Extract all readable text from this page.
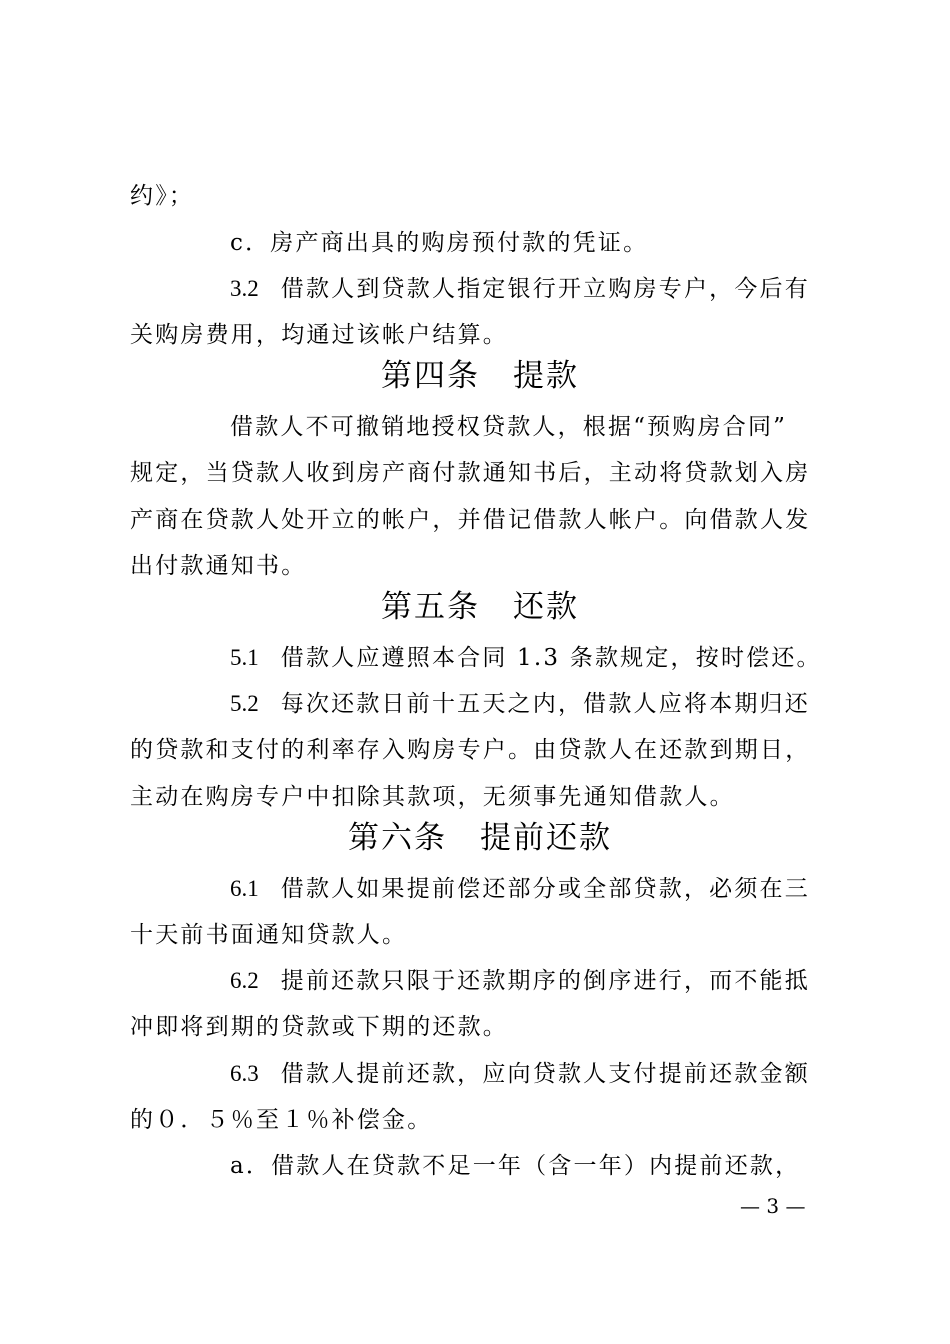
约》；
c．房产商出具的购房预付款的凭证。
3.2 借款人到贷款人指定银行开立购房专户，今后有
关购房费用，均通过该帐户结算。
第四条　提款
借款人不可撤销地授权贷款人，根据“预购房合同”
规定，当贷款人收到房产商付款通知书后，主动将贷款划入房
产商在贷款人处开立的帐户，并借记借款人帐户。向借款人发
出付款通知书。
第五条　还款
5.1 借款人应遵照本合同 1.3 条款规定，按时偿还。
5.2 每次还款日前十五天之内，借款人应将本期归还
的贷款和支付的利率存入购房专户。由贷款人在还款到期日，
主动在购房专户中扣除其款项，无须事先通知借款人。
第六条　提前还款
6.1 借款人如果提前偿还部分或全部贷款，必须在三
十天前书面通知贷款人。
6.2 提前还款只限于还款期序的倒序进行，而不能抵
冲即将到期的贷款或下期的还款。
6.3 借款人提前还款，应向贷款人支付提前还款金额
的０．５％至１％补偿金。
a．借款人在贷款不足一年（含一年）内提前还款，
— 3 —
